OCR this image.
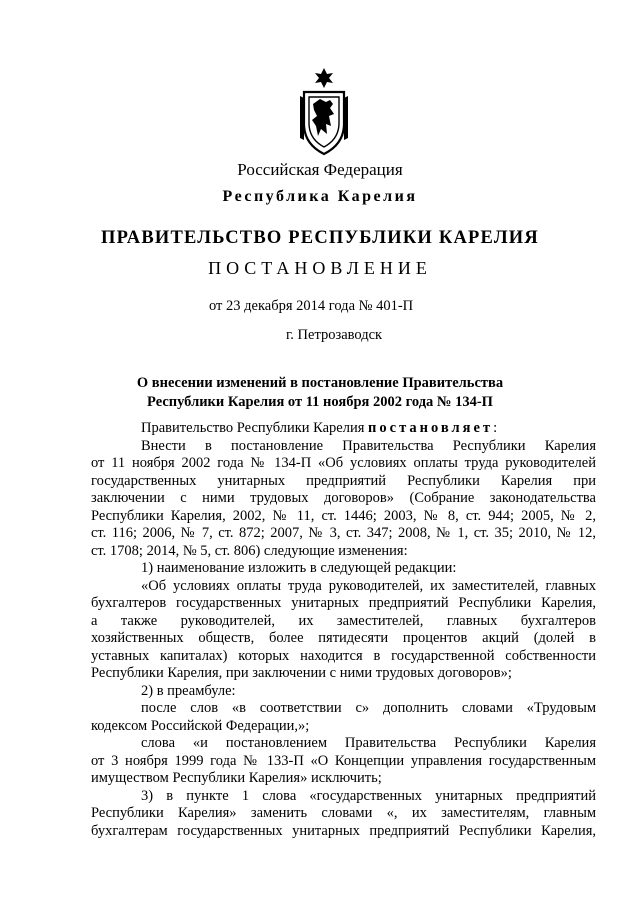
Российская Федерация
Республика Карелия
ПРАВИТЕЛЬСТВО РЕСПУБЛИКИ КАРЕЛИЯ
ПОСТАНОВЛЕНИЕ
от 23 декабря 2014 года № 401-П
г. Петрозаводск
О внесении изменений в постановление Правительства
Республики Карелия от 11 ноября 2002 года № 134-П
Правительство Республики Карелия постановляет:
Внести в постановление Правительства Республики Карелия
от 11 ноября 2002 года № 134-П «Об условиях оплаты труда руководителей
государственных унитарных предприятий Республики Карелия при
заключении с ними трудовых договоров» (Собрание законодательства
Республики Карелия, 2002, № 11, ст. 1446; 2003, № 8, ст. 944; 2005, № 2,
ст. 116; 2006, № 7, ст. 872; 2007, № 3, ст. 347; 2008, № 1, ст. 35; 2010, № 12,
ст. 1708; 2014, № 5, ст. 806) следующие изменения:
1) наименование изложить в следующей редакции:
«Об условиях оплаты труда руководителей, их заместителей, главных
бухгалтеров государственных унитарных предприятий Республики Карелия,
а также руководителей, их заместителей, главных бухгалтеров
хозяйственных обществ, более пятидесяти процентов акций (долей в
уставных капиталах) которых находится в государственной собственности
Республики Карелия, при заключении с ними трудовых договоров»;
2) в преамбуле:
после слов «в соответствии с» дополнить словами «Трудовым
кодексом Российской Федерации,»;
слова «и постановлением Правительства Республики Карелия
от 3 ноября 1999 года № 133-П «О Концепции управления государственным
имуществом Республики Карелия» исключить;
3) в пункте 1 слова «государственных унитарных предприятий
Республики Карелия» заменить словами «, их заместителям, главным
бухгалтерам государственных унитарных предприятий Республики Карелия,
